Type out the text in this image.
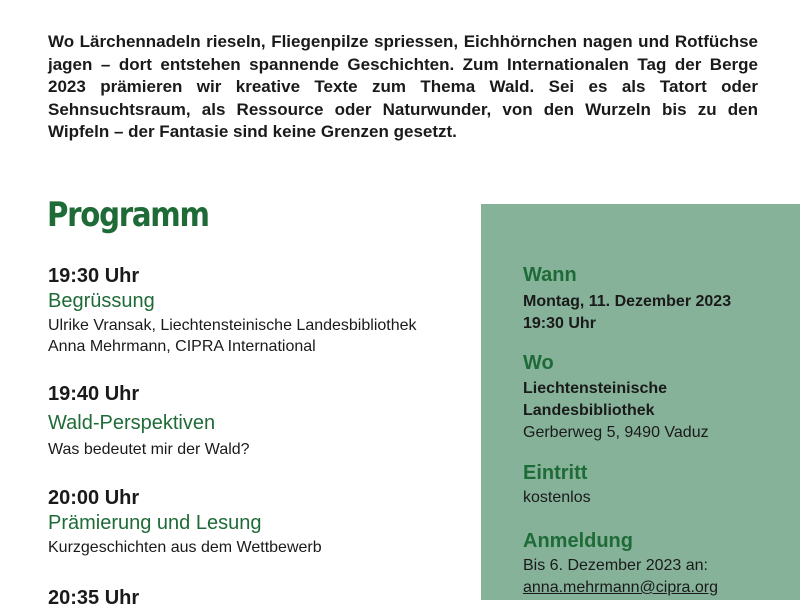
Wo Lärchennadeln rieseln, Fliegenpilze spriessen, Eichhörnchen nagen und Rotfüchse jagen – dort entstehen spannende Geschichten. Zum Internationalen Tag der Berge 2023 prämieren wir kreative Texte zum Thema Wald. Sei es als Tatort oder Sehnsuchtsraum, als Ressource oder Naturwunder, von den Wurzeln bis zu den Wipfeln – der Fantasie sind keine Grenzen gesetzt.

Programm
19:30 Uhr
Begrüssung
Ulrike Vransak, Liechtensteinische Landesbibliothek
Anna Mehrmann, CIPRA International
19:40 Uhr
Wald-Perspektiven
Was bedeutet mir der Wald?
20:00 Uhr
Prämierung und Lesung
Kurzgeschichten aus dem Wettbewerb
20:35 Uhr
Wann
Montag, 11. Dezember 2023
19:30 Uhr
Wo
Liechtensteinische
Landesbibliothek
Gerberweg 5, 9490 Vaduz
Eintritt
kostenlos
Anmeldung
Bis 6. Dezember 2023 an:
anna.mehrmann@cipra.org
